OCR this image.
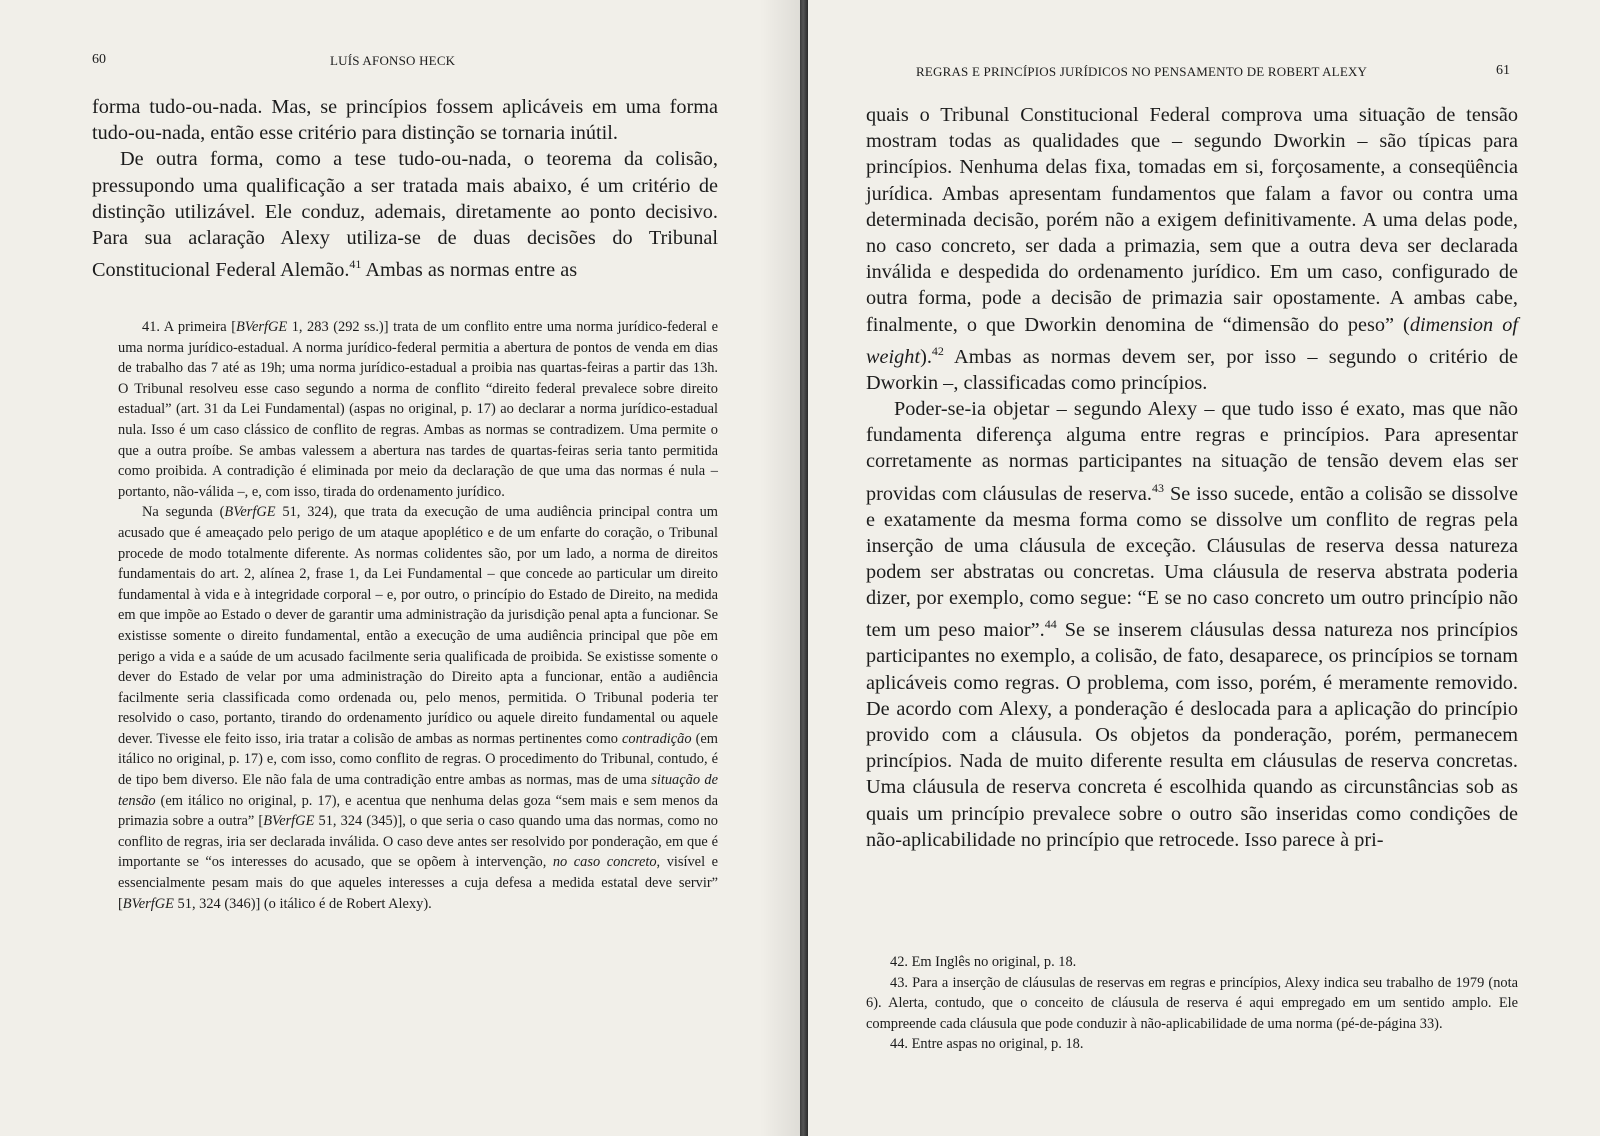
60	LUÍS AFONSO HECK

forma tudo-ou-nada. Mas, se princípios fossem aplicáveis em uma forma tudo-ou-nada, então esse critério para distinção se tornaria inútil.

De outra forma, como a tese tudo-ou-nada, o teorema da colisão, pressupondo uma qualificação a ser tratada mais abaixo, é um critério de distinção utilizável. Ele conduz, ademais, diretamente ao ponto decisivo. Para sua aclaração Alexy utiliza-se de duas decisões do Tribunal Constitucional Federal Alemão.$^{41}$ Ambas as normas entre as

41. A primeira [BVerfGE 1, 283 (292 ss.)] trata de um conflito entre uma norma jurídico-federal e uma norma jurídico-estadual. A norma jurídico-federal permitia a abertura de pontos de venda em dias de trabalho das 7 até as 19h; uma norma jurídico-estadual a proibia nas quartas-feiras a partir das 13h. O Tribunal resolveu esse caso segundo a norma de conflito “direito federal prevalece sobre direito estadual” (art. 31 da Lei Fundamental) (aspas no original, p. 17) ao declarar a norma jurídico-estadual nula. Isso é um caso clássico de conflito de regras. Ambas as normas se contradizem. Uma permite o que a outra proíbe. Se ambas valessem a abertura nas tardes de quartas-feiras seria tanto permitida como proibida. A contradição é eliminada por meio da declaração de que uma das normas é nula – portanto, não-válida –, e, com isso, tirada do ordenamento jurídico.

Na segunda (BVerfGE 51, 324), que trata da execução de uma audiência principal contra um acusado que é ameaçado pelo perigo de um ataque apoplético e de um enfarte do coração, o Tribunal procede de modo totalmente diferente. As normas colidentes são, por um lado, a norma de direitos fundamentais do art. 2, alínea 2, frase 1, da Lei Fundamental – que concede ao particular um direito fundamental à vida e à integridade corporal – e, por outro, o princípio do Estado de Direito, na medida em que impõe ao Estado o dever de garantir uma administração da jurisdição penal apta a funcionar. Se existisse somente o direito fundamental, então a execução de uma audiência principal que põe em perigo a vida e a saúde de um acusado facilmente seria qualificada de proibida. Se existisse somente o dever do Estado de velar por uma administração do Direito apta a funcionar, então a audiência facilmente seria classificada como ordenada ou, pelo menos, permitida. O Tribunal poderia ter resolvido o caso, portanto, tirando do ordenamento jurídico ou aquele direito fundamental ou aquele dever. Tivesse ele feito isso, iria tratar a colisão de ambas as normas pertinentes como contradição (em itálico no original, p. 17) e, com isso, como conflito de regras. O procedimento do Tribunal, contudo, é de tipo bem diverso. Ele não fala de uma contradição entre ambas as normas, mas de uma situação de tensão (em itálico no original, p. 17), e acentua que nenhuma delas goza “sem mais e sem menos da primazia sobre a outra” [BVerfGE 51, 324 (345)], o que seria o caso quando uma das normas, como no conflito de regras, iria ser declarada inválida. O caso deve antes ser resolvido por ponderação, em que é importante se “os interesses do acusado, que se opõem à intervenção, no caso concreto, visível e essencialmente pesam mais do que aqueles interesses a cuja defesa a medida estatal deve servir” [BVerfGE 51, 324 (346)] (o itálico é de Robert Alexy).

REGRAS E PRINCÍPIOS JURÍDICOS NO PENSAMENTO DE ROBERT ALEXY	61

quais o Tribunal Constitucional Federal comprova uma situação de tensão mostram todas as qualidades que – segundo Dworkin – são típicas para princípios. Nenhuma delas fixa, tomadas em si, forçosamente, a conseqüência jurídica. Ambas apresentam fundamentos que falam a favor ou contra uma determinada decisão, porém não a exigem definitivamente. A uma delas pode, no caso concreto, ser dada a primazia, sem que a outra deva ser declarada inválida e despedida do ordenamento jurídico. Em um caso, configurado de outra forma, pode a decisão de primazia sair opostamente. A ambas cabe, finalmente, o que Dworkin denomina de “dimensão do peso” (dimension of weight).$^{42}$ Ambas as normas devem ser, por isso – segundo o critério de Dworkin –, classificadas como princípios.

Poder-se-ia objetar – segundo Alexy – que tudo isso é exato, mas que não fundamenta diferença alguma entre regras e princípios. Para apresentar corretamente as normas participantes na situação de tensão devem elas ser providas com cláusulas de reserva.$^{43}$ Se isso sucede, então a colisão se dissolve e exatamente da mesma forma como se dissolve um conflito de regras pela inserção de uma cláusula de exceção. Cláusulas de reserva dessa natureza podem ser abstratas ou concretas. Uma cláusula de reserva abstrata poderia dizer, por exemplo, como segue: “E se no caso concreto um outro princípio não tem um peso maior”.$^{44}$ Se se inserem cláusulas dessa natureza nos princípios participantes no exemplo, a colisão, de fato, desaparece, os princípios se tornam aplicáveis como regras. O problema, com isso, porém, é meramente removido. De acordo com Alexy, a ponderação é deslocada para a aplicação do princípio provido com a cláusula. Os objetos da ponderação, porém, permanecem princípios. Nada de muito diferente resulta em cláusulas de reserva concretas. Uma cláusula de reserva concreta é escolhida quando as circunstâncias sob as quais um princípio prevalece sobre o outro são inseridas como condições de não-aplicabilidade no princípio que retrocede. Isso parece à pri-

42. Em Inglês no original, p. 18.

43. Para a inserção de cláusulas de reservas em regras e princípios, Alexy indica seu trabalho de 1979 (nota 6). Alerta, contudo, que o conceito de cláusula de reserva é aqui empregado em um sentido amplo. Ele compreende cada cláusula que pode conduzir à não-aplicabilidade de uma norma (pé-de-página 33).

44. Entre aspas no original, p. 18.
